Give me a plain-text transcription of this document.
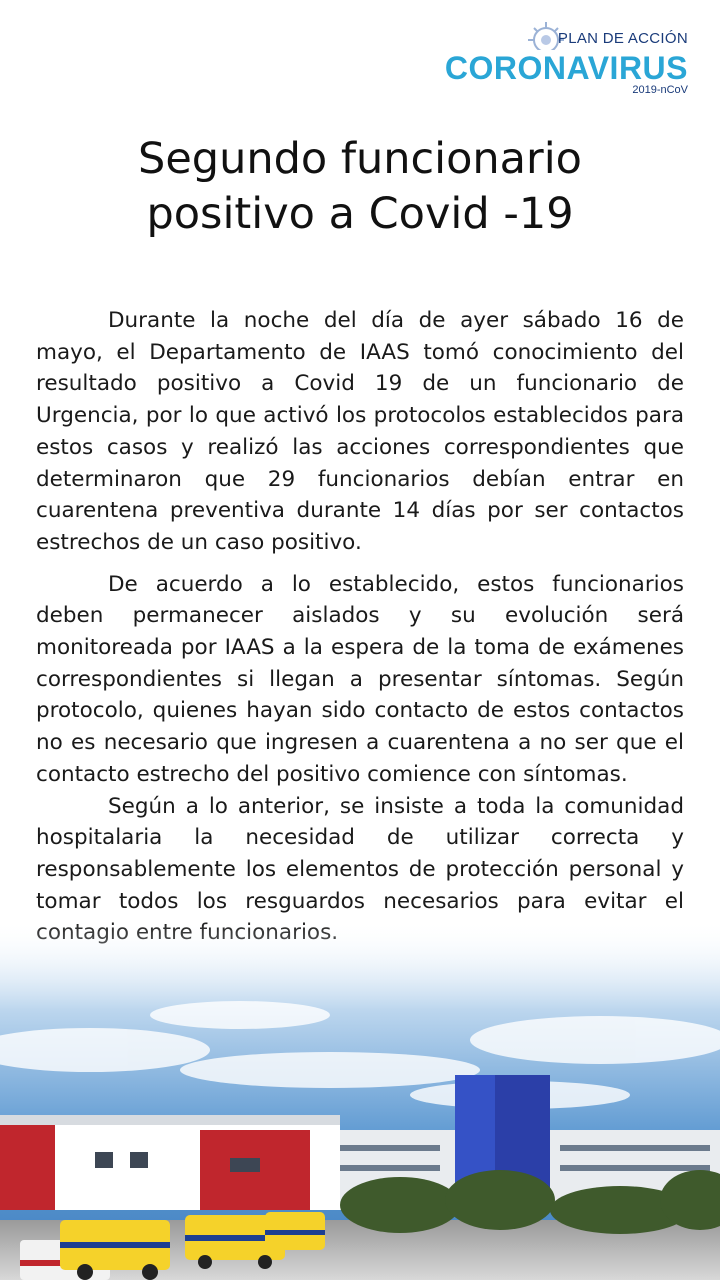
PLAN DE ACCIÓN
CORONAVIRUS
2019-nCoV
Segundo funcionario
positivo a Covid -19

Durante la noche del día de ayer sábado 16 de mayo, el Departamento de IAAS tomó conocimiento del resultado positivo a Covid 19 de un funcionario de Urgencia, por lo que activó los protocolos establecidos para estos casos y realizó las acciones correspondientes que determinaron que 29 funcionarios debían entrar en cuarentena preventiva durante 14 días por ser contactos estrechos de un caso positivo.

De acuerdo a lo establecido, estos funcionarios deben permanecer aislados y su evolución será monitoreada por IAAS a la espera de la toma de exámenes correspondientes si llegan a presentar síntomas. Según protocolo, quienes hayan sido contacto de estos contactos no es necesario que ingresen a cuarentena a no ser que el contacto estrecho del positivo comience con síntomas.

Según a lo anterior, se insiste a toda la comunidad hospitalaria la necesidad de utilizar correcta y responsablemente los elementos de protección personal y tomar todos los resguardos necesarios para evitar el
